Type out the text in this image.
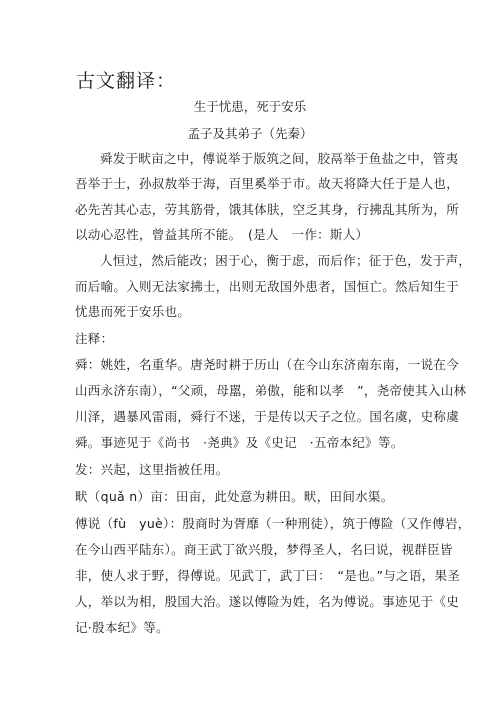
古文翻译：
生于忧患，死于安乐
孟子及其弟子（先秦）
舜发于畎亩之中，傅说举于版筑之间，胶鬲举于鱼盐之中，管夷
吾举于士，孙叔敖举于海，百里奚举于市。故天将降大任于是人也，
必先苦其心志，劳其筋骨，饿其体肤，空乏其身，行拂乱其所为，所
以动心忍性，曾益其所不能。　(是人　一作：斯人）
人恒过，然后能改；困于心，衡于虑，而后作；征于色，发于声，
而后喻。入则无法家拂士，出则无敌国外患者，国恒亡。然后知生于
忧患而死于安乐也。
注释：
舜：姚姓，名重华。唐尧时耕于历山（在今山东济南东南，一说在今
山西永济东南），“父顽，母嚚，弟傲，能和以孝　”，尧帝使其入山林
川泽，遇暴风雷雨，舜行不迷，于是传以天子之位。国名虞，史称虞
舜。事迹见于《尚书　·尧典》及《史记　·五帝本纪》等。
发：兴起，这里指被任用。
畎（quǎ n）亩：田亩，此处意为耕田。畎，田间水渠。
傅说（fù　yuè）：殷商时为胥靡（一种刑徒），筑于傅险（又作傅岩，
在今山西平陆东）。商王武丁欲兴殷，梦得圣人，名曰说，视群臣皆
非，使人求于野，得傅说。见武丁，武丁曰：　“是也。”与之语，果圣
人，举以为相，殷国大治。遂以傅险为姓，名为傅说。事迹见于《史
记·殷本纪》等。
